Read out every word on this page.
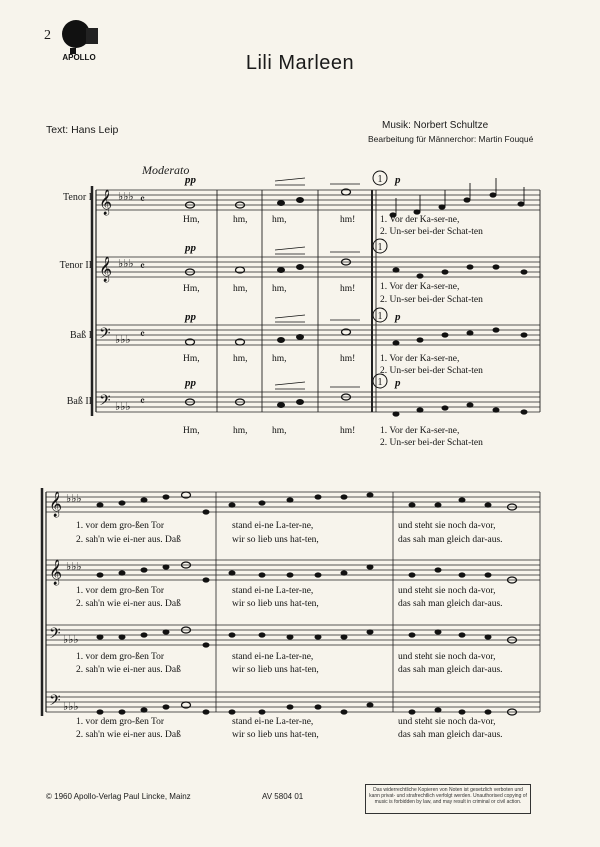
2
APOLLO	Lili Marleen
Text: Hans Leip	Musik: Norbert Schultze
Bearbeitung für Männerchor: Martin Fouqué
Moderato
Tenor I
Tenor II
Baß I
Baß II
𝄞
𝄞
𝄢
𝄢
♭♭♭
♭♭♭
♭♭♭
♭♭♭
𝄴
𝄴
𝄴
𝄴
1
1
1
1
pp
pp
pp
pp
p
p
p
Hm,	hm,	hm,	hm!	1. Vor der Ka-ser-ne,
2. Un-ser bei-der Schat-ten
Hm,	hm,	hm,	hm!	1. Vor der Ka-ser-ne,
2. Un-ser bei-der Schat-ten
Hm,	hm,	hm,	hm!	1. Vor der Ka-ser-ne,
2. Un-ser bei-der Schat-ten
Hm,	hm,	hm,	hm!	1. Vor der Ka-ser-ne,
2. Un-ser bei-der Schat-ten
𝄞
𝄞
𝄢
𝄢
♭♭♭
♭♭♭
♭♭♭
♭♭♭
1. vor dem gro-ßen Tor	stand ei-ne La-ter-ne,	und steht sie noch da-vor,
2. sah'n wie ei-ner aus. Daß	wir so lieb uns hat-ten,	das sah man gleich dar-aus.
1. vor dem gro-ßen Tor	stand ei-ne La-ter-ne,	und steht sie noch da-vor,
2. sah'n wie ei-ner aus. Daß	wir so lieb uns hat-ten,	das sah man gleich dar-aus.
1. vor dem gro-ßen Tor	stand ei-ne La-ter-ne,	und steht sie noch da-vor,
2. sah'n wie ei-ner aus. Daß	wir so lieb uns hat-ten,	das sah man gleich dar-aus.
1. vor dem gro-ßen Tor	stand ei-ne La-ter-ne,	und steht sie noch da-vor,
2. sah'n wie ei-ner aus. Daß	wir so lieb uns hat-ten,	das sah man gleich dar-aus.
Das widerrechtliche Kopieren von Noten ist gesetzlich verboten und kann privat- und strafrechtlich verfolgt werden. Unauthorised copying of music is forbidden by law, and may result in criminal or civil action.
© 1960 Apollo-Verlag Paul Lincke, Mainz	AV 5804 01
